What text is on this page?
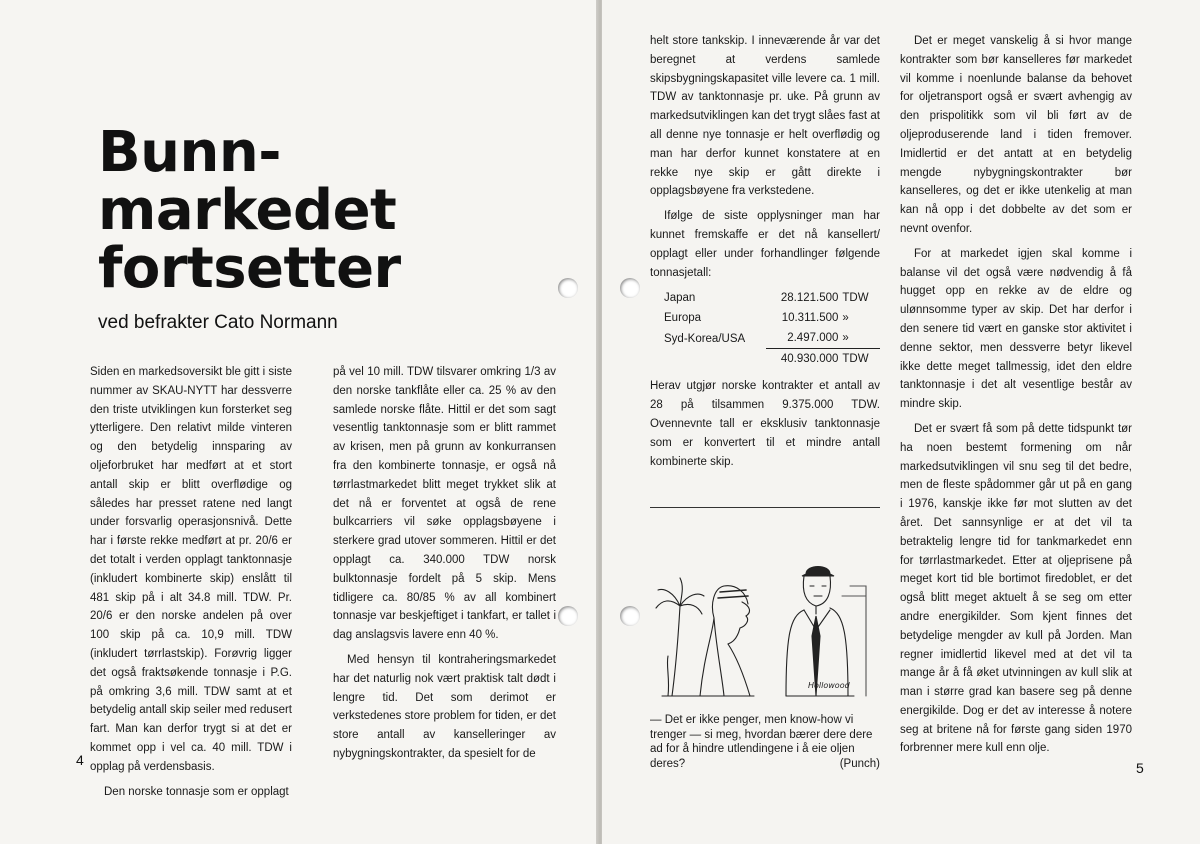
Bunn-
markedet
fortsetter
ved befrakter Cato Normann

Siden en markedsoversikt ble gitt i siste nummer av SKAU-NYTT har dessverre den triste utviklingen kun forsterket seg ytterligere. Den relativt milde vinteren og den betydelig innsparing av oljeforbruket har medført at et stort antall skip er blitt overflødige og således har presset ratene ned langt under forsvarlig operasjonsnivå. Dette har i første rekke medført at pr. 20/6 er det totalt i verden opplagt tanktonnasje (inkludert kombinerte skip) enslått til 481 skip på i alt 34.8 mill. TDW. Pr. 20/6 er den norske andelen på over 100 skip på ca. 10,9 mill. TDW (inkludert tørrlastskip). Forøvrig ligger det også fraktsøkende tonnasje i P.G. på omkring 3,6 mill. TDW samt at et betydelig antall skip seiler med redusert fart. Man kan derfor trygt si at det er kommet opp i vel ca. 40 mill. TDW i opplag på verdensbasis.

Den norske tonnasje som er opplagt

på vel 10 mill. TDW tilsvarer omkring 1/3 av den norske tankflåte eller ca. 25 % av den samlede norske flåte. Hittil er det som sagt vesentlig tanktonnasje som er blitt rammet av krisen, men på grunn av konkurransen fra den kombinerte tonnasje, er også nå tørrlastmarkedet blitt meget trykket slik at det nå er forventet at også de rene bulkcarriers vil søke opplagsbøyene i sterkere grad utover sommeren. Hittil er det opplagt ca. 340.000 TDW norsk bulktonnasje fordelt på 5 skip. Mens tidligere ca. 80/85 % av all kombinert tonnasje var beskjeftiget i tankfart, er tallet i dag anslagsvis lavere enn 40 %.

Med hensyn til kontraheringsmarkedet har det naturlig nok vært praktisk talt dødt i lengre tid. Det som derimot er verkstedenes store problem for tiden, er det store antall av kanselleringer av nybygningskontrakter, da spesielt for de

4

helt store tankskip. I inneværende år var det beregnet at verdens samlede skipsbygningskapasitet ville levere ca. 1 mill. TDW av tanktonnasje pr. uke. På grunn av markedsutviklingen kan det trygt slåes fast at all denne nye tonnasje er helt overflødig og man har derfor kunnet konstatere at en rekke nye skip er gått direkte i opplagsbøyene fra verkstedene.

Ifølge de siste opplysninger man har kunnet fremskaffe er det nå kansellert/ opplagt eller under forhandlinger følgende tonnasjetall:

Japan	28.121.500	TDW
Europa	10.311.500	»
Syd-Korea/USA	2.497.000	»
	40.930.000	TDW

Herav utgjør norske kontrakter et antall av 28 på tilsammen 9.375.000 TDW. Ovennevnte tall er eksklusiv tanktonnasje som er konvertert til et mindre antall kombinerte skip.

Hollowood
— Det er ikke penger, men know-how vi trenger — si meg, hvordan bærer dere dere ad for å hindre utlendingene i å eie oljen deres?	(Punch)

Det er meget vanskelig å si hvor mange kontrakter som bør kanselleres før markedet vil komme i noenlunde balanse da behovet for oljetransport også er svært avhengig av den prispolitikk som vil bli ført av de oljeproduserende land i tiden fremover. Imidlertid er det antatt at en betydelig mengde nybygningskontrakter bør kanselleres, og det er ikke utenkelig at man kan nå opp i det dobbelte av det som er nevnt ovenfor.

For at markedet igjen skal komme i balanse vil det også være nødvendig å få hugget opp en rekke av de eldre og ulønnsomme typer av skip. Det har derfor i den senere tid vært en ganske stor aktivitet i denne sektor, men dessverre betyr likevel ikke dette meget tallmessig, idet den eldre tanktonnasje i det alt vesentlige består av mindre skip.

Det er svært få som på dette tidspunkt tør ha noen bestemt formening om når markedsutviklingen vil snu seg til det bedre, men de fleste spådommer går ut på en gang i 1976, kanskje ikke før mot slutten av det året. Det sannsynlige er at det vil ta betraktelig lengre tid for tankmarkedet enn for tørrlastmarkedet. Etter at oljeprisene på meget kort tid ble bortimot firedoblet, er det også blitt meget aktuelt å se seg om etter andre energikilder. Som kjent finnes det betydelige mengder av kull på Jorden. Man regner imidlertid likevel med at det vil ta mange år å få øket utvinningen av kull slik at man i større grad kan basere seg på denne energikilde. Dog er det av interesse å notere seg at britene nå for første gang siden 1970 forbrenner mere kull enn olje.

5
